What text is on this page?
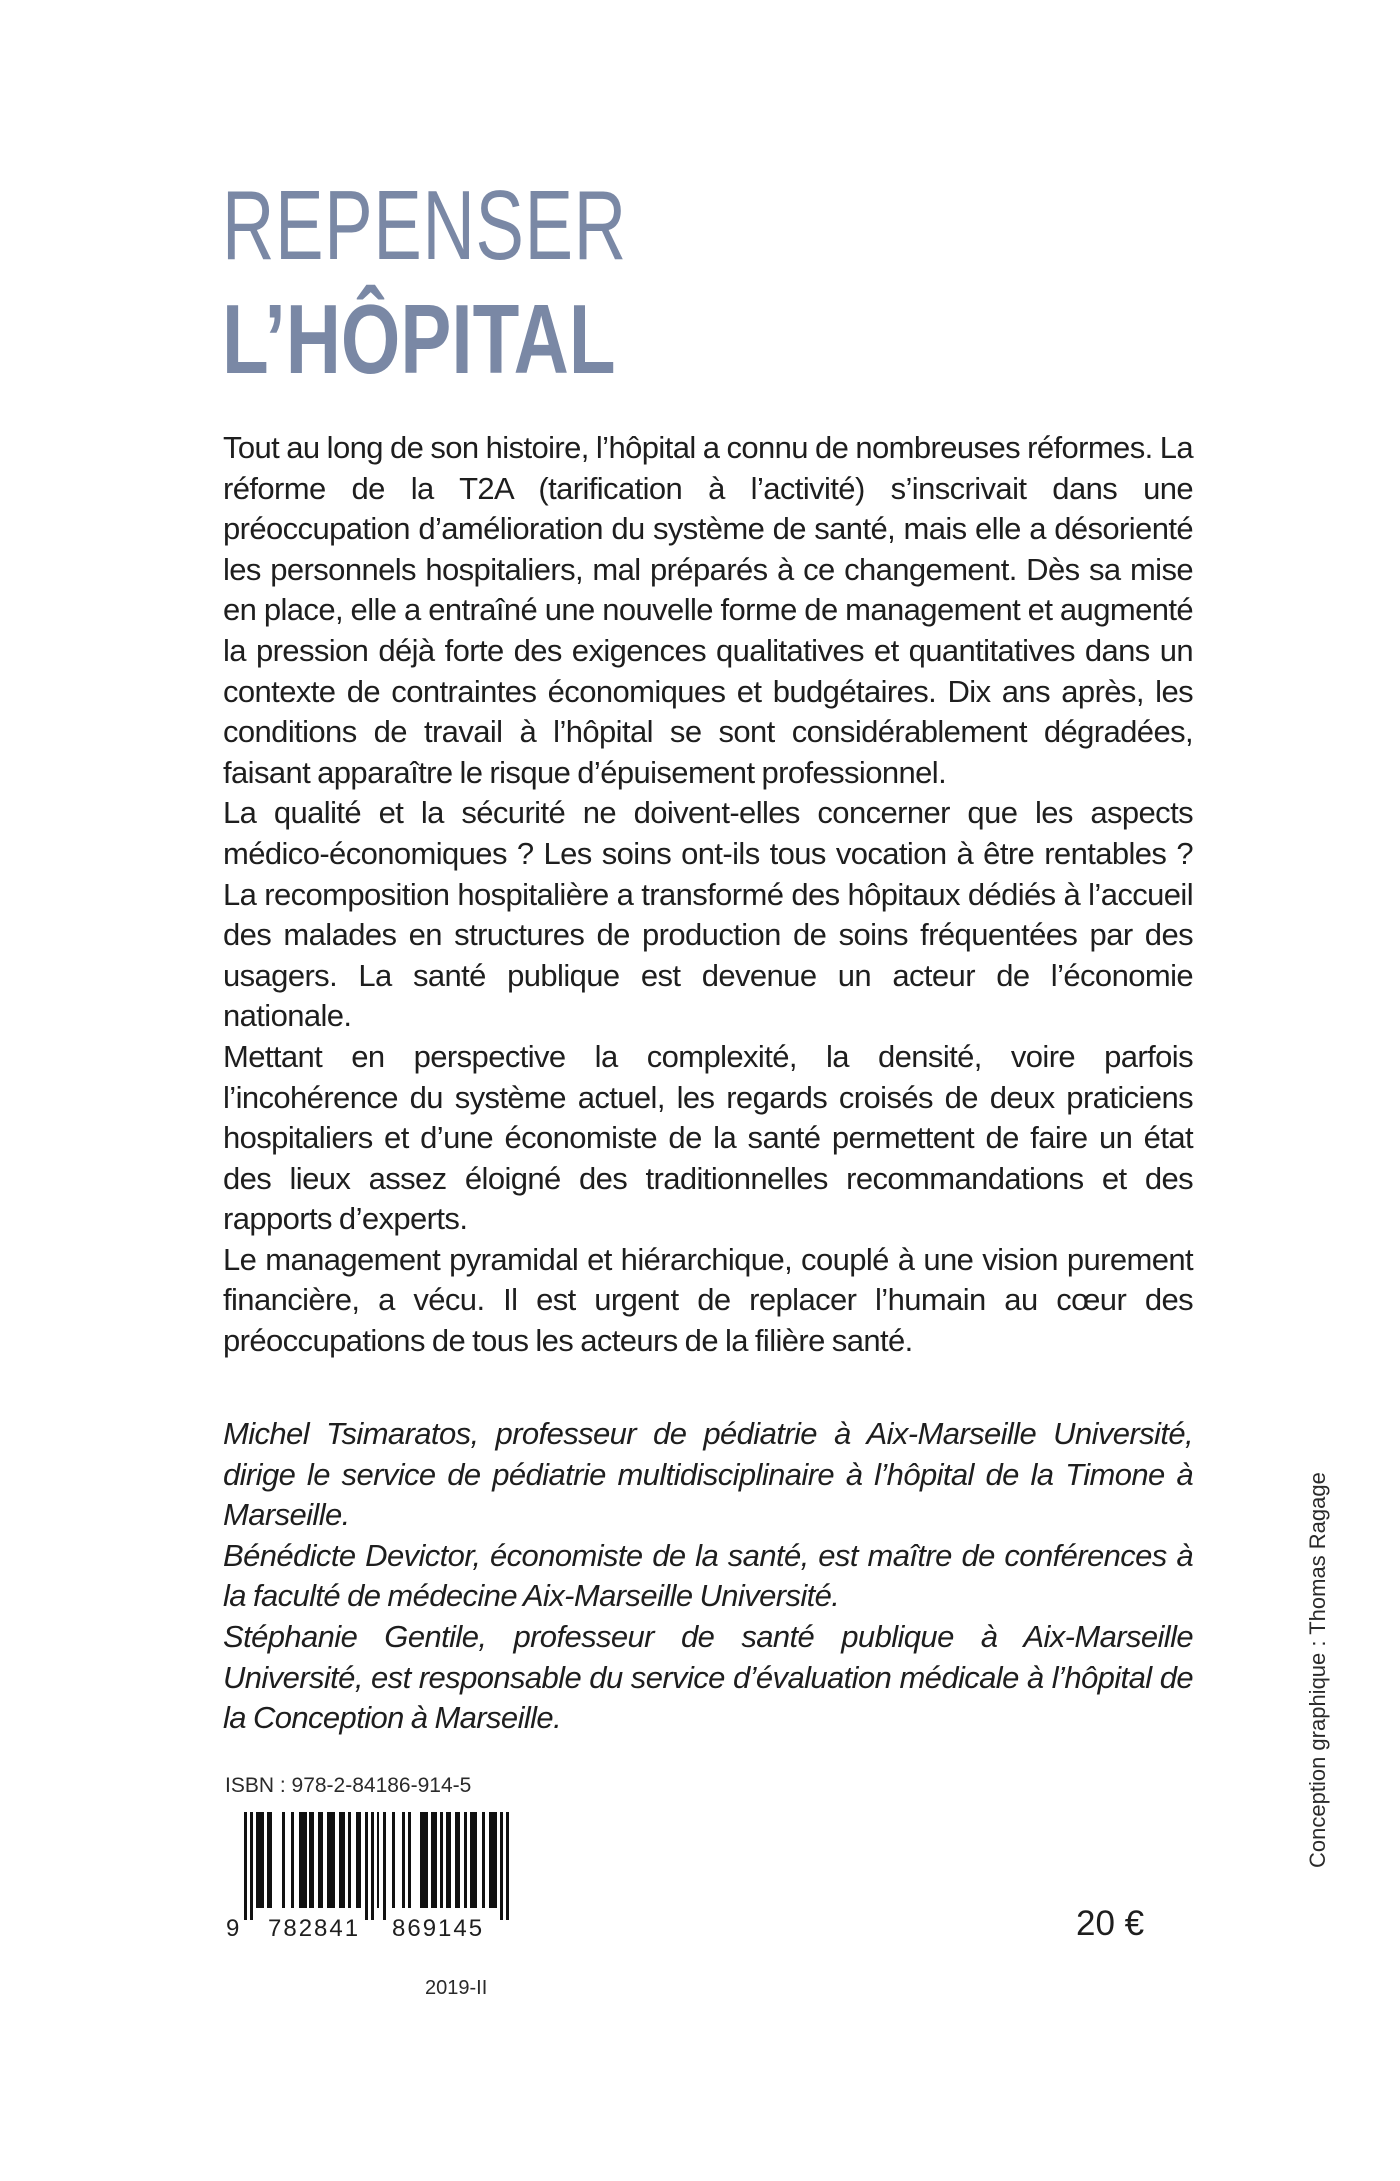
REPENSER
L’HÔPITAL

Tout au long de son histoire, l’hôpital a connu de nombreuses réformes. La réforme de la T2A (tarification à l’activité) s’inscrivait dans une préoccupation d’amélioration du système de santé, mais elle a désorienté les personnels hospitaliers, mal préparés à ce changement. Dès sa mise en place, elle a entraîné une nouvelle forme de management et augmenté la pression déjà forte des exigences qualitatives et quantitatives dans un contexte de contraintes économiques et budgétaires. Dix ans après, les conditions de travail à l’hôpital se sont considérablement dégradées, faisant apparaître le risque d’épuisement professionnel.

La qualité et la sécurité ne doivent-elles concerner que les aspects médico-économiques ? Les soins ont-ils tous vocation à être rentables ? La recomposition hospitalière a transformé des hôpitaux dédiés à l’accueil des malades en structures de production de soins fréquentées par des usagers. La santé publique est devenue un acteur de l’économie nationale.

Mettant en perspective la complexité, la densité, voire parfois l’incohérence du système actuel, les regards croisés de deux praticiens hospitaliers et d’une économiste de la santé permettent de faire un état des lieux assez éloigné des traditionnelles recommandations et des rapports d’experts.

Le management pyramidal et hiérarchique, couplé à une vision purement financière, a vécu. Il est urgent de replacer l’humain au cœur des préoccupations de tous les acteurs de la filière santé.

Michel Tsimaratos, professeur de pédiatrie à Aix-Marseille Université, dirige le service de pédiatrie multidisciplinaire à l’hôpital de la Timone à Marseille.

Bénédicte Devictor, économiste de la santé, est maître de conférences à la faculté de médecine Aix-Marseille Université.

Stéphanie Gentile, professeur de santé publique à Aix-Marseille Université, est responsable du service d’évaluation médicale à l’hôpital de la Conception à Marseille.

ISBN : 978-2-84186-914-5
9 782841 869145
2019-II
20 €
Conception graphique : Thomas Ragage
